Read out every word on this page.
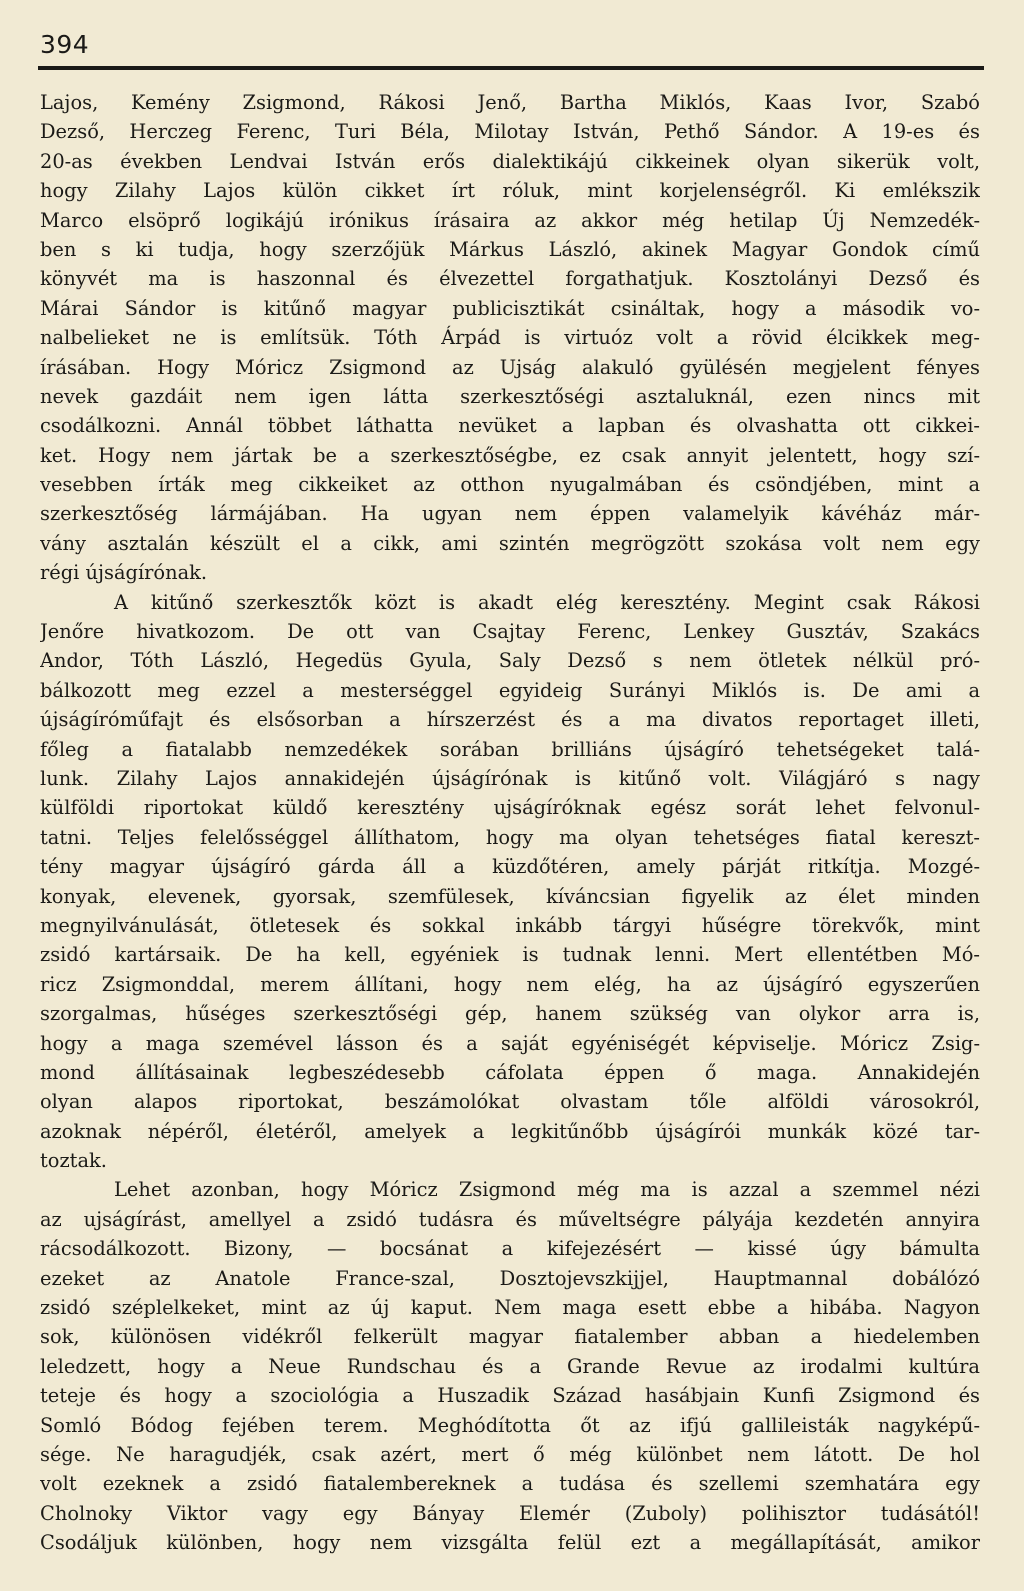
394
Lajos, Kemény Zsigmond, Rákosi Jenő, Bartha Miklós, Kaas Ivor, Szabó
Dezső, Herczeg Ferenc, Turi Béla, Milotay István, Pethő Sándor. A 19-es és
20-as években Lendvai István erős dialektikájú cikkeinek olyan sikerük volt,
hogy Zilahy Lajos külön cikket írt róluk, mint korjelenségről. Ki emlékszik
Marco elsöprő logikájú irónikus írásaira az akkor még hetilap Új Nemzedék-
ben s ki tudja, hogy szerzőjük Márkus László, akinek Magyar Gondok című
könyvét ma is haszonnal és élvezettel forgathatjuk. Kosztolányi Dezső és
Márai Sándor is kitűnő magyar publicisztikát csináltak, hogy a második vo-
nalbelieket ne is említsük. Tóth Árpád is virtuóz volt a rövid élcikkek meg-
írásában. Hogy Móricz Zsigmond az Ujság alakuló gyülésén megjelent fényes
nevek gazdáit nem igen látta szerkesztőségi asztaluknál, ezen nincs mit
csodálkozni. Annál többet láthatta nevüket a lapban és olvashatta ott cikkei-
ket. Hogy nem jártak be a szerkesztőségbe, ez csak annyit jelentett, hogy szí-
vesebben írták meg cikkeiket az otthon nyugalmában és csöndjében, mint a
szerkesztőség lármájában. Ha ugyan nem éppen valamelyik kávéház már-
vány asztalán készült el a cikk, ami szintén megrögzött szokása volt nem egy
régi újságírónak.
A kitűnő szerkesztők közt is akadt elég keresztény. Megint csak Rákosi
Jenőre hivatkozom. De ott van Csajtay Ferenc, Lenkey Gusztáv, Szakács
Andor, Tóth László, Hegedüs Gyula, Saly Dezső s nem ötletek nélkül pró-
bálkozott meg ezzel a mesterséggel egyideig Surányi Miklós is. De ami a
újságíróműfajt és elsősorban a hírszerzést és a ma divatos reportaget illeti,
főleg a fiatalabb nemzedékek sorában brilliáns újságíró tehetségeket talá-
lunk. Zilahy Lajos annakidején újságírónak is kitűnő volt. Világjáró s nagy
külföldi riportokat küldő keresztény ujságíróknak egész sorát lehet felvonul-
tatni. Teljes felelősséggel állíthatom, hogy ma olyan tehetséges fiatal kereszt-
tény magyar újságíró gárda áll a küzdőtéren, amely párját ritkítja. Mozgé-
konyak, elevenek, gyorsak, szemfülesek, kíváncsian figyelik az élet minden
megnyilvánulását, ötletesek és sokkal inkább tárgyi hűségre törekvők, mint
zsidó kartársaik. De ha kell, egyéniek is tudnak lenni. Mert ellentétben Mó-
ricz Zsigmonddal, merem állítani, hogy nem elég, ha az újságíró egyszerűen
szorgalmas, hűséges szerkesztőségi gép, hanem szükség van olykor arra is,
hogy a maga szemével lásson és a saját egyéniségét képviselje. Móricz Zsig-
mond állításainak legbeszédesebb cáfolata éppen ő maga. Annakidején
olyan alapos riportokat, beszámolókat olvastam tőle alföldi városokról,
azoknak népéről, életéről, amelyek a legkitűnőbb újságírói munkák közé tar-
toztak.
Lehet azonban, hogy Móricz Zsigmond még ma is azzal a szemmel nézi
az ujságírást, amellyel a zsidó tudásra és műveltségre pályája kezdetén annyira
rácsodálkozott. Bizony, — bocsánat a kifejezésért — kissé úgy bámulta
ezeket az Anatole France-szal, Dosztojevszkijjel, Hauptmannal dobálózó
zsidó széplelkeket, mint az új kaput. Nem maga esett ebbe a hibába. Nagyon
sok, különösen vidékről felkerült magyar fiatalember abban a hiedelemben
leledzett, hogy a Neue Rundschau és a Grande Revue az irodalmi kultúra
teteje és hogy a szociológia a Huszadik Század hasábjain Kunfi Zsigmond és
Somló Bódog fejében terem. Meghódította őt az ifjú gallileisták nagyképű-
sége. Ne haragudjék, csak azért, mert ő még különbet nem látott. De hol
volt ezeknek a zsidó fiatalembereknek a tudása és szellemi szemhatára egy
Cholnoky Viktor vagy egy Bányay Elemér (Zuboly) polihisztor tudásától!
Csodáljuk különben, hogy nem vizsgálta felül ezt a megállapítását, amikor
